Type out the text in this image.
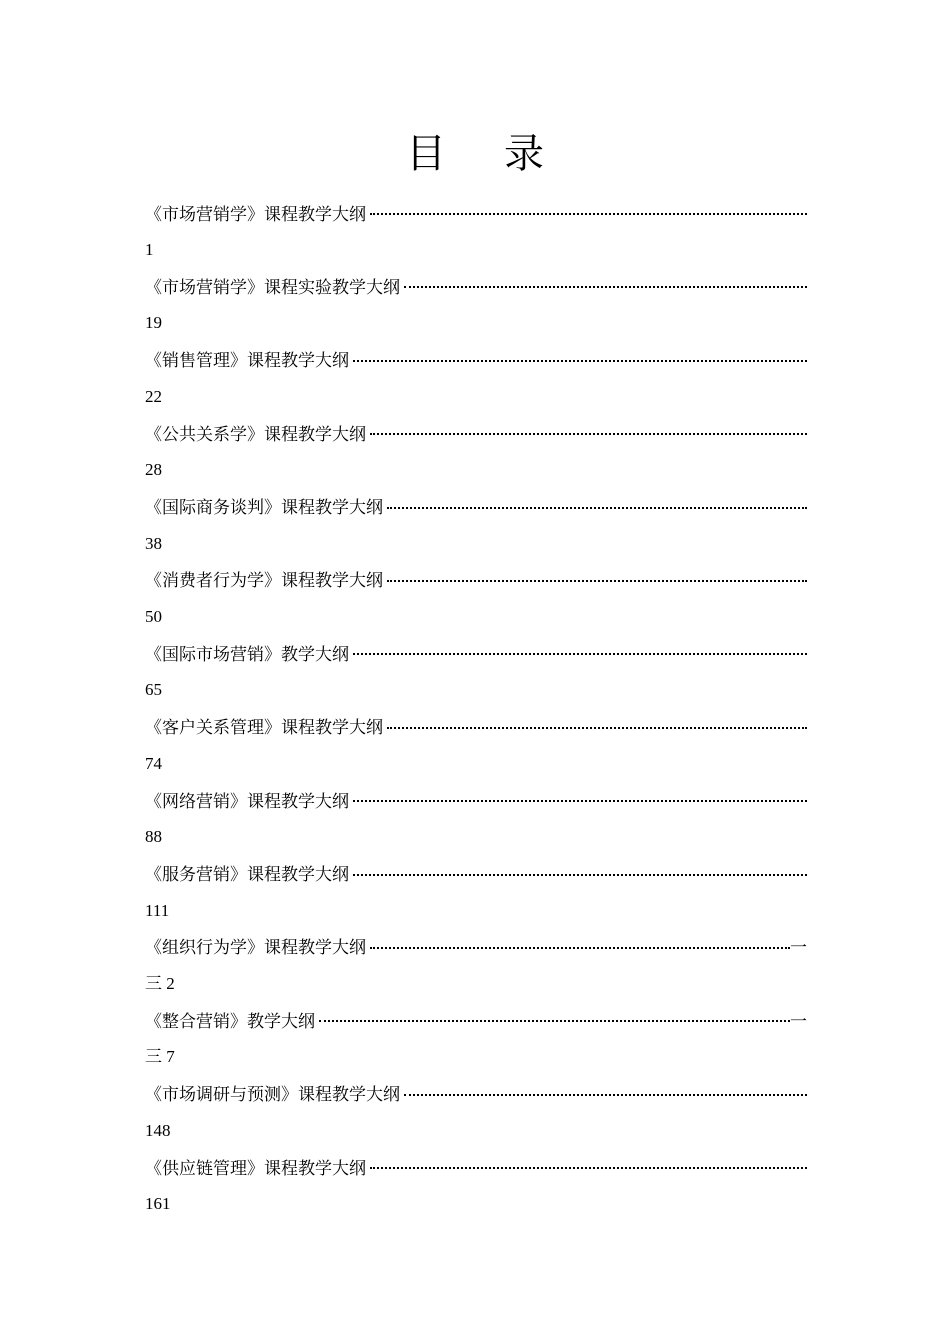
目 录
《市场营销学》课程教学大纲
1
《市场营销学》课程实验教学大纲
19
《销售管理》课程教学大纲
22
《公共关系学》课程教学大纲
28
《国际商务谈判》课程教学大纲
38
《消费者行为学》课程教学大纲
50
《国际市场营销》教学大纲
65
《客户关系管理》课程教学大纲
74
《网络营销》课程教学大纲
88
《服务营销》课程教学大纲
111
《组织行为学》课程教学大纲	一
三 2
《整合营销》教学大纲	一
三 7
《市场调研与预测》课程教学大纲
148
《供应链管理》课程教学大纲
161
